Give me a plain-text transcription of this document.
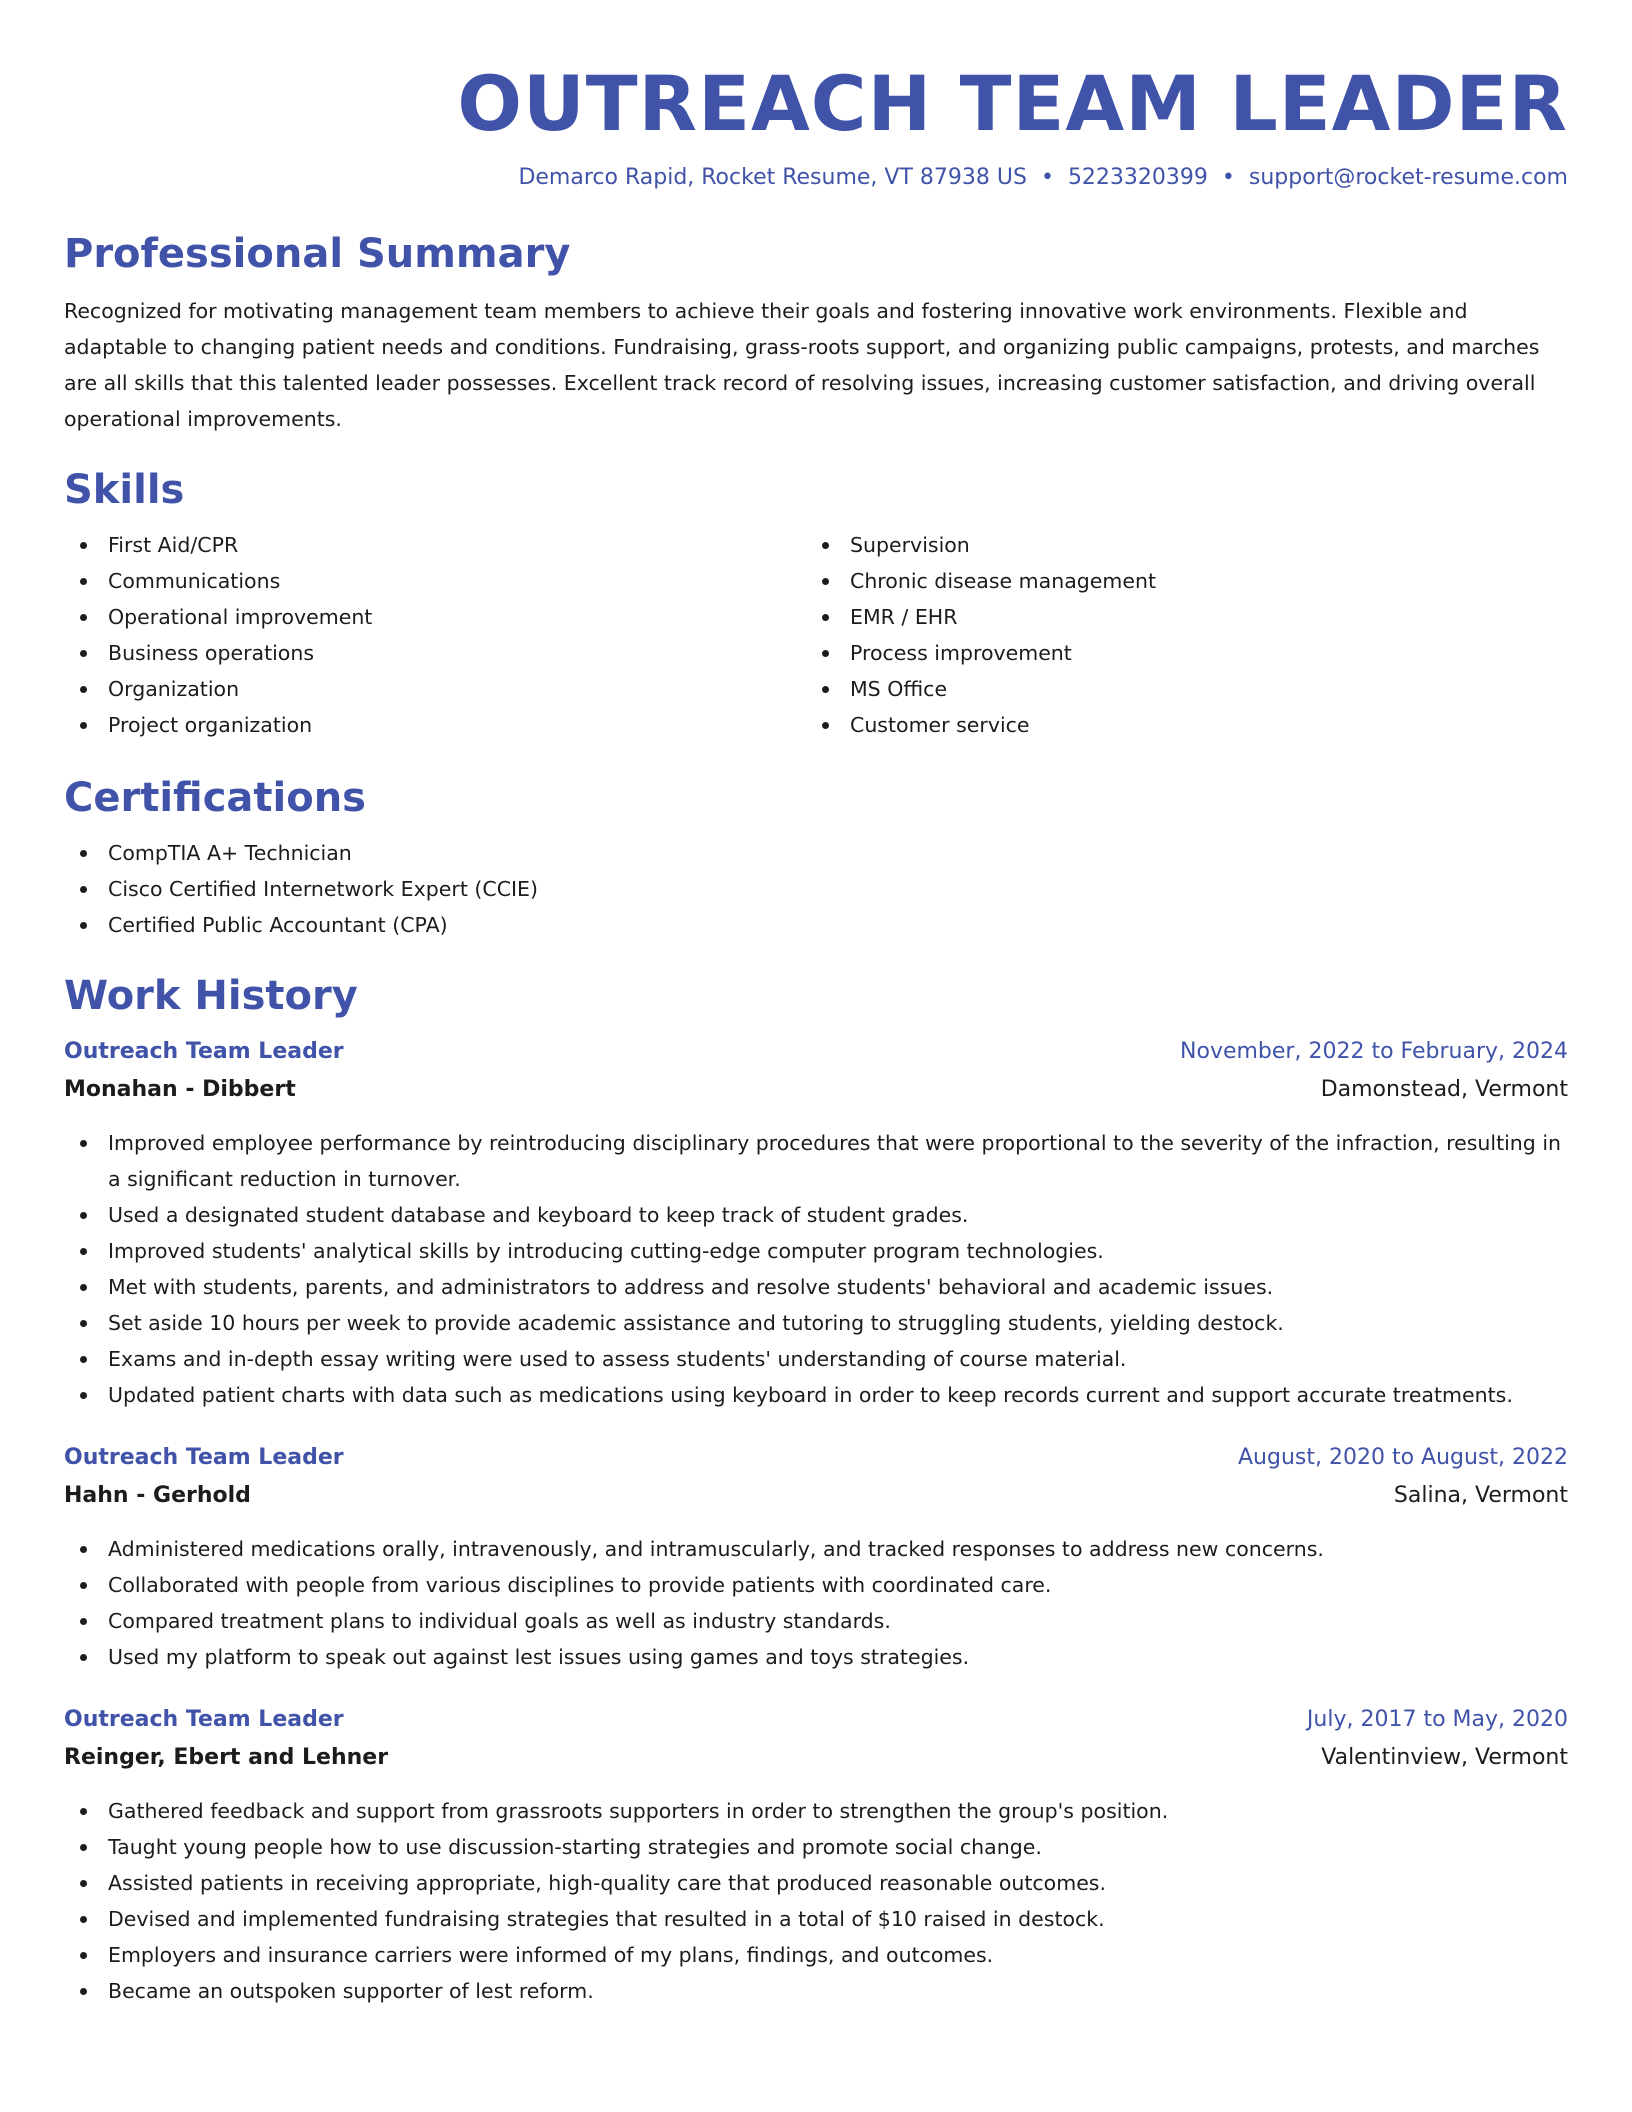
OUTREACH TEAM LEADER
Demarco Rapid, Rocket Resume, VT 87938 US • 5223320399 • support@rocket-resume.com
Professional Summary

Recognized for motivating management team members to achieve their goals and fostering innovative work environments. Flexible and adaptable to changing patient needs and conditions. Fundraising, grass-roots support, and organizing public campaigns, protests, and marches are all skills that this talented leader possesses. Excellent track record of resolving issues, increasing customer satisfaction, and driving overall operational improvements.

Skills
First Aid/CPR
Communications
Operational improvement
Business operations
Organization
Project organization
Supervision
Chronic disease management
EMR / EHR
Process improvement
MS Office
Customer service
Certifications
CompTIA A+ Technician
Cisco Certified Internetwork Expert (CCIE)
Certified Public Accountant (CPA)
Work History
Outreach Team Leader	November, 2022 to February, 2024
Monahan - Dibbert	Damonstead, Vermont
Improved employee performance by reintroducing disciplinary procedures that were proportional to the severity of the infraction, resulting in a significant reduction in turnover.
Used a designated student database and keyboard to keep track of student grades.
Improved students' analytical skills by introducing cutting-edge computer program technologies.
Met with students, parents, and administrators to address and resolve students' behavioral and academic issues.
Set aside 10 hours per week to provide academic assistance and tutoring to struggling students, yielding destock.
Exams and in-depth essay writing were used to assess students' understanding of course material.
Updated patient charts with data such as medications using keyboard in order to keep records current and support accurate treatments.
Outreach Team Leader	August, 2020 to August, 2022
Hahn - Gerhold	Salina, Vermont
Administered medications orally, intravenously, and intramuscularly, and tracked responses to address new concerns.
Collaborated with people from various disciplines to provide patients with coordinated care.
Compared treatment plans to individual goals as well as industry standards.
Used my platform to speak out against lest issues using games and toys strategies.
Outreach Team Leader	July, 2017 to May, 2020
Reinger, Ebert and Lehner	Valentinview, Vermont
Gathered feedback and support from grassroots supporters in order to strengthen the group's position.
Taught young people how to use discussion-starting strategies and promote social change.
Assisted patients in receiving appropriate, high-quality care that produced reasonable outcomes.
Devised and implemented fundraising strategies that resulted in a total of $10 raised in destock.
Employers and insurance carriers were informed of my plans, findings, and outcomes.
Became an outspoken supporter of lest reform.
